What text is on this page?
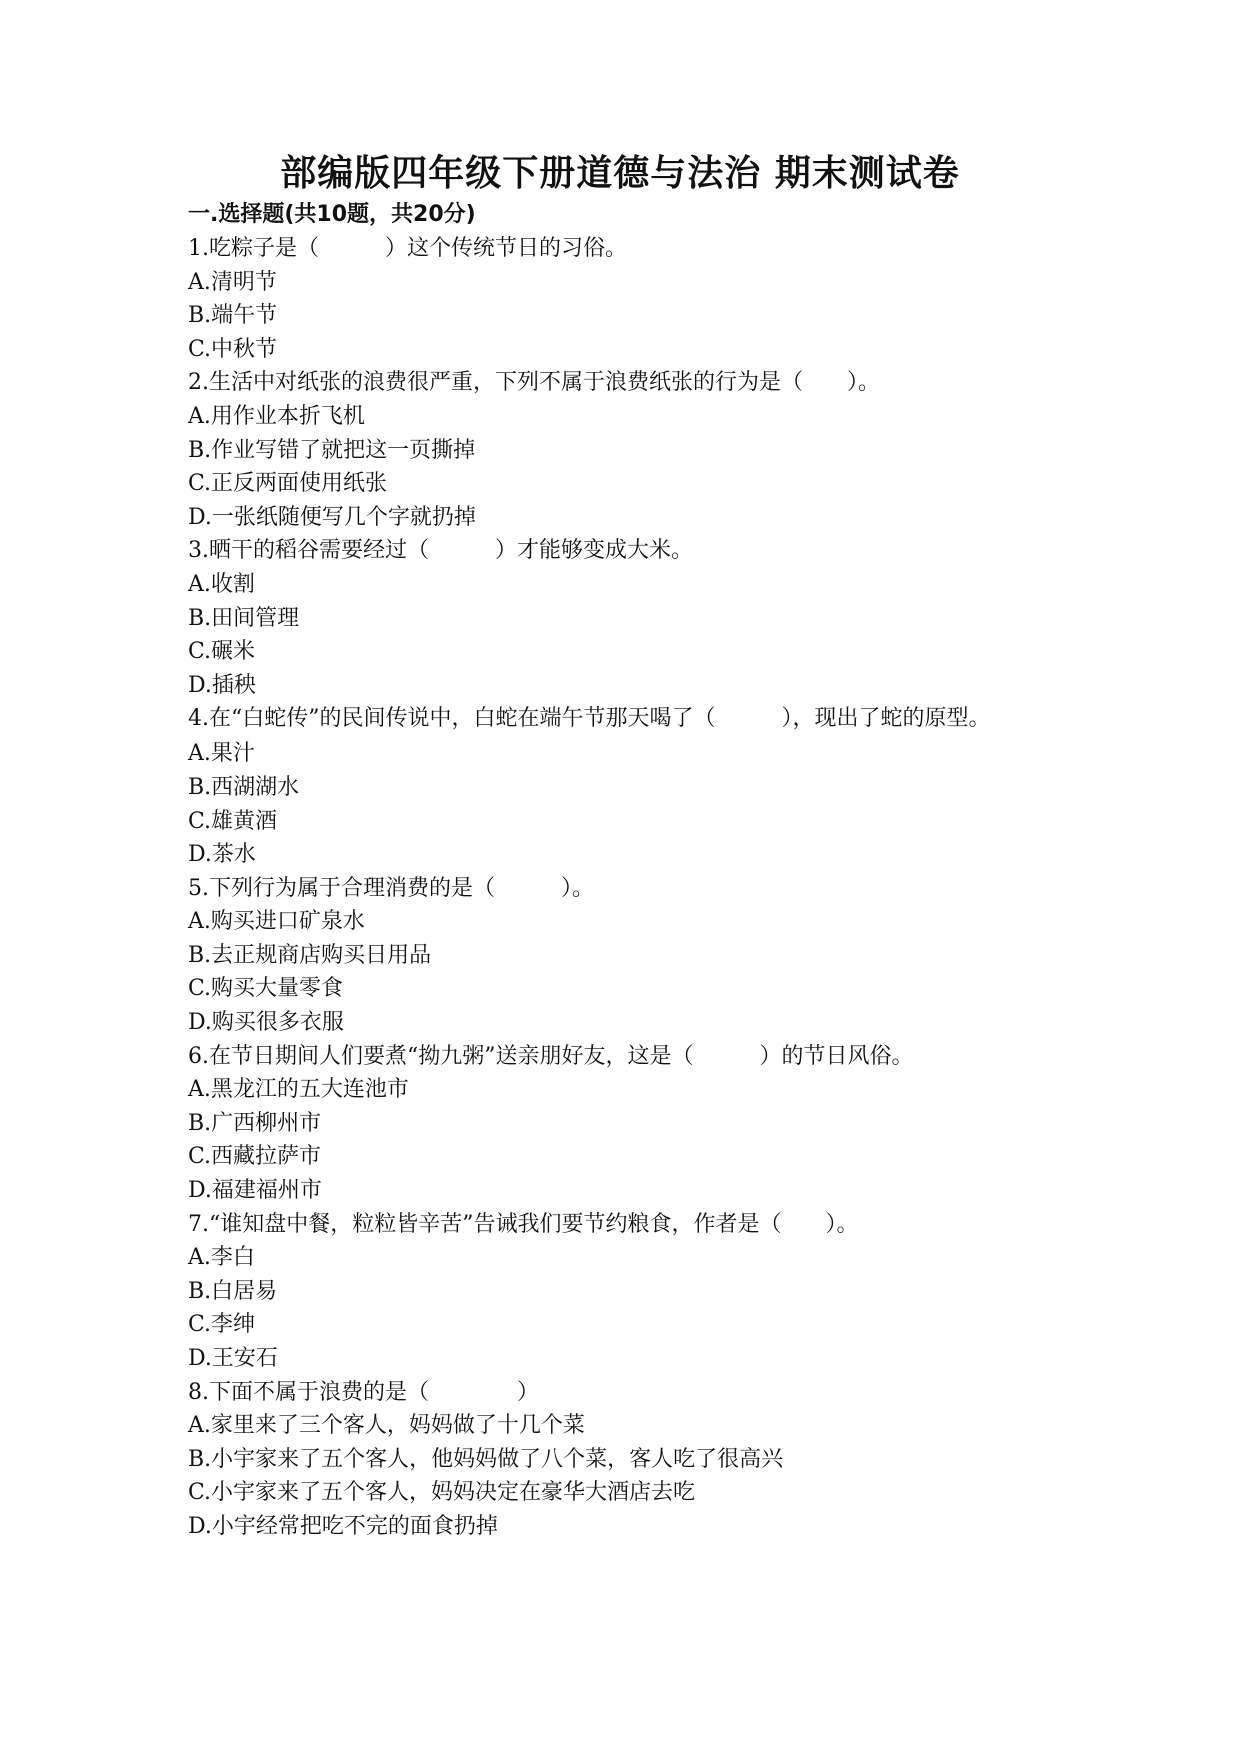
部编版四年级下册道德与法治 期末测试卷
一.选择题(共10题，共20分)
1.吃粽子是（　　　）这个传统节日的习俗。
A.清明节
B.端午节
C.中秋节
2.生活中对纸张的浪费很严重，下列不属于浪费纸张的行为是（　　）。
A.用作业本折飞机
B.作业写错了就把这一页撕掉
C.正反两面使用纸张
D.一张纸随便写几个字就扔掉
3.晒干的稻谷需要经过（　　　）才能够变成大米。
A.收割
B.田间管理
C.碾米
D.插秧
4.在“白蛇传”的民间传说中，白蛇在端午节那天喝了（　　　），现出了蛇的原型。
A.果汁
B.西湖湖水
C.雄黄酒
D.茶水
5.下列行为属于合理消费的是（　　　）。
A.购买进口矿泉水
B.去正规商店购买日用品
C.购买大量零食
D.购买很多衣服
6.在节日期间人们要煮“拗九粥”送亲朋好友，这是（　　　）的节日风俗。
A.黑龙江的五大连池市
B.广西柳州市
C.西藏拉萨市
D.福建福州市
7.“谁知盘中餐，粒粒皆辛苦”告诫我们要节约粮食，作者是（　　）。
A.李白
B.白居易
C.李绅
D.王安石
8.下面不属于浪费的是（　　　　）
A.家里来了三个客人，妈妈做了十几个菜
B.小宇家来了五个客人，他妈妈做了八个菜，客人吃了很高兴
C.小宇家来了五个客人，妈妈决定在豪华大酒店去吃
D.小宇经常把吃不完的面食扔掉
